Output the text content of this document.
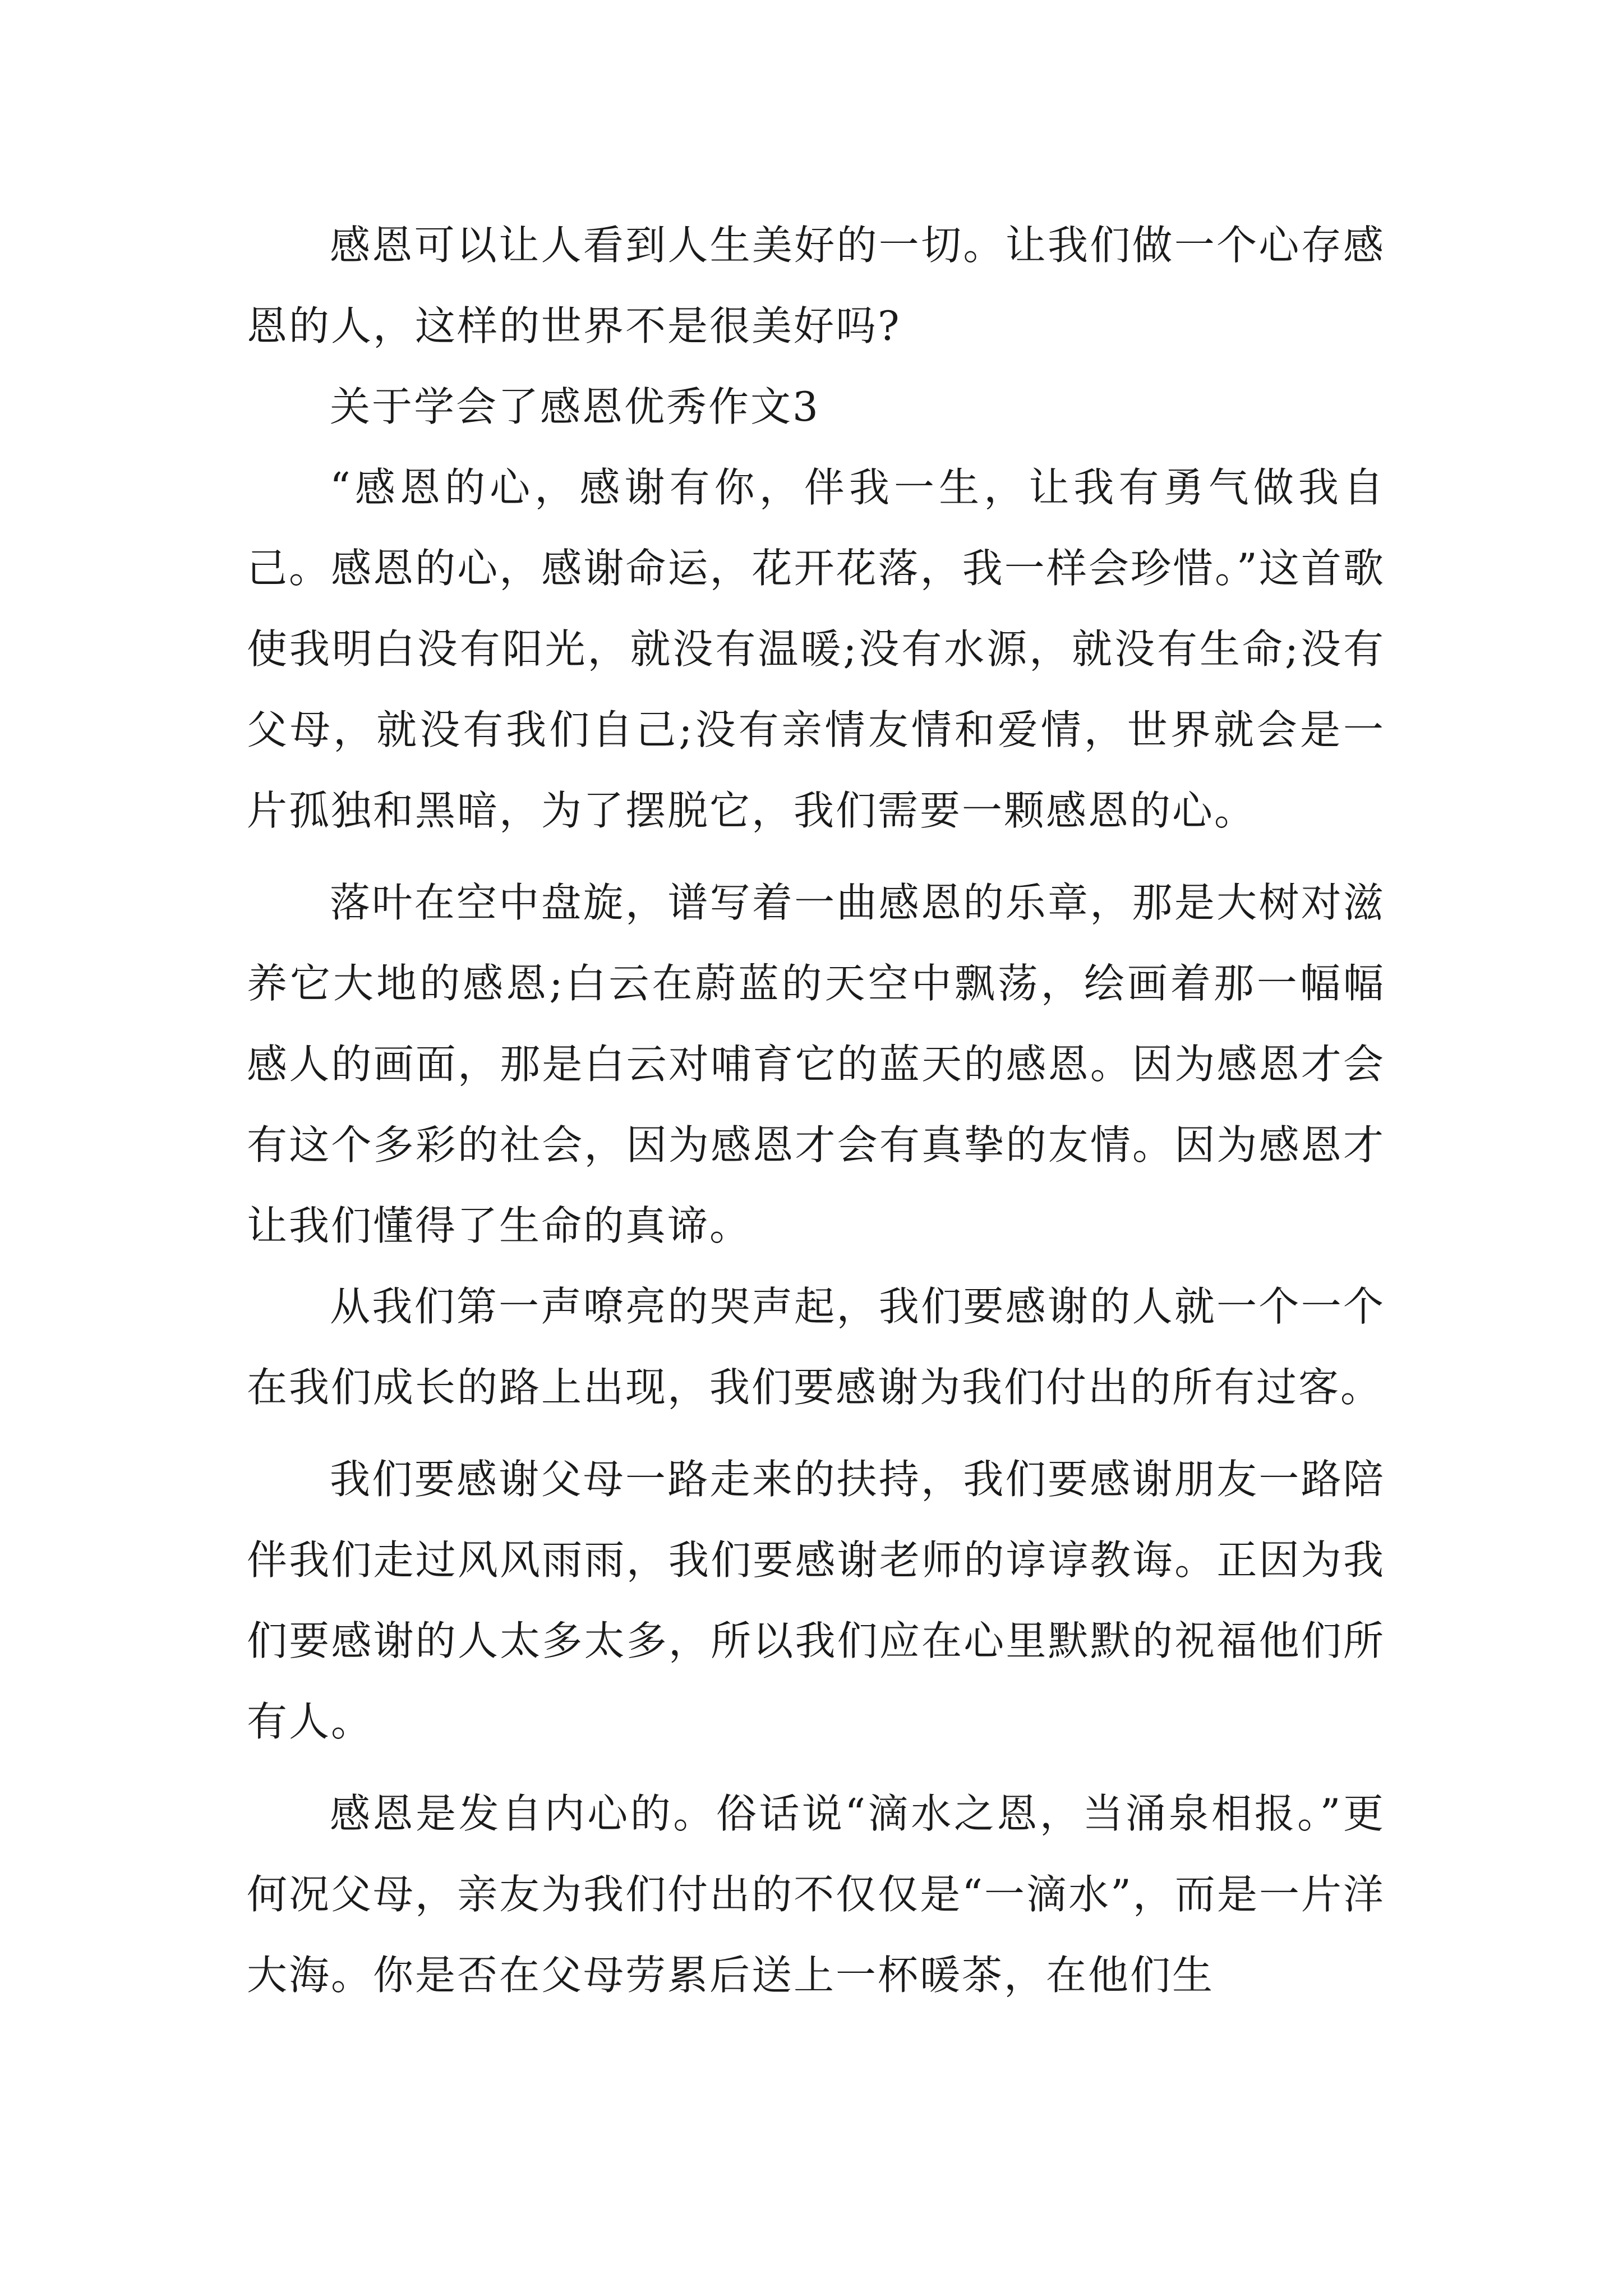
感恩可以让人看到人生美好的一切。让我们做一个心存感恩的人，这样的世界不是很美好吗?

关于学会了感恩优秀作文3

“感恩的心，感谢有你，伴我一生，让我有勇气做我自己。感恩的心，感谢命运，花开花落，我一样会珍惜。”这首歌使我明白没有阳光，就没有温暖;没有水源，就没有生命;没有父母，就没有我们自己;没有亲情友情和爱情，世界就会是一片孤独和黑暗，为了摆脱它，我们需要一颗感恩的心。

落叶在空中盘旋，谱写着一曲感恩的乐章，那是大树对滋养它大地的感恩;白云在蔚蓝的天空中飘荡，绘画着那一幅幅感人的画面，那是白云对哺育它的蓝天的感恩。因为感恩才会有这个多彩的社会，因为感恩才会有真挚的友情。因为感恩才让我们懂得了生命的真谛。

从我们第一声嘹亮的哭声起，我们要感谢的人就一个一个在我们成长的路上出现，我们要感谢为我们付出的所有过客。

我们要感谢父母一路走来的扶持，我们要感谢朋友一路陪伴我们走过风风雨雨，我们要感谢老师的谆谆教诲。正因为我们要感谢的人太多太多，所以我们应在心里默默的祝福他们所有人。

感恩是发自内心的。俗话说“滴水之恩，当涌泉相报。”更何况父母，亲友为我们付出的不仅仅是“一滴水”，而是一片洋大海。你是否在父母劳累后送上一杯暖茶，在他们生
